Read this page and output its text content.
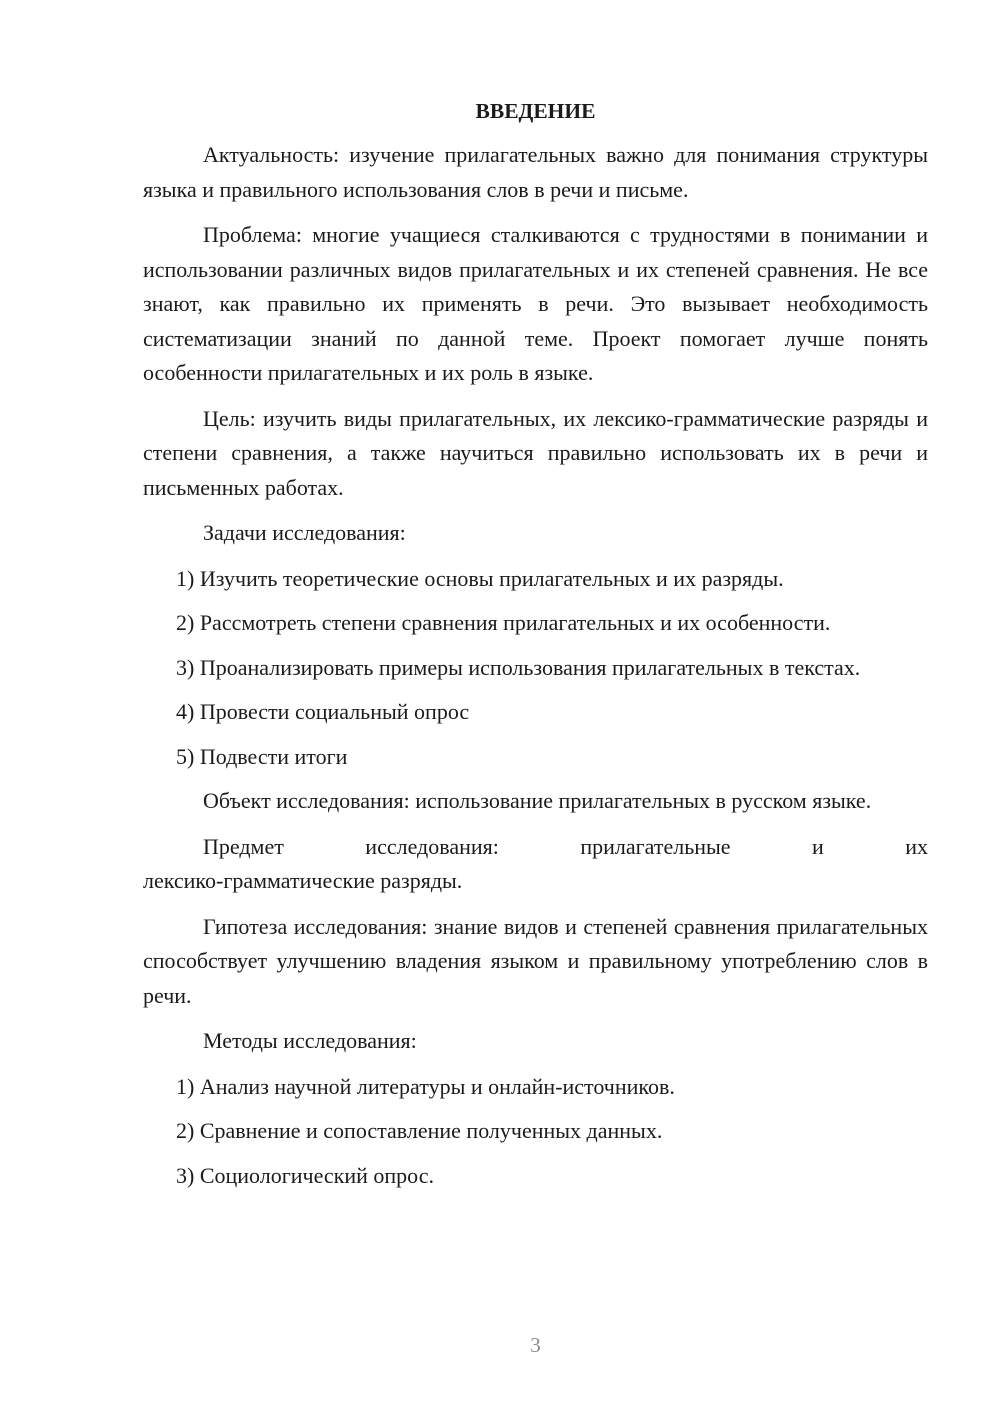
ВВЕДЕНИЕ
Актуальность: изучение прилагательных важно для понимания структуры языка и правильного использования слов в речи и письме.
Проблема: многие учащиеся сталкиваются с трудностями в понимании и использовании различных видов прилагательных и их степеней сравнения. Не все знают, как правильно их применять в речи. Это вызывает необходимость систематизации знаний по данной теме. Проект помогает лучше понять особенности прилагательных и их роль в языке.
Цель: изучить виды прилагательных, их лексико-грамматические разряды и степени сравнения, а также научиться правильно использовать их в речи и письменных работах.
Задачи исследования:
1) Изучить теоретические основы прилагательных и их разряды.
2) Рассмотреть степени сравнения прилагательных и их особенности.
3) Проанализировать примеры использования прилагательных в текстах.
4) Провести социальный опрос
5) Подвести итоги
Объект исследования: использование прилагательных в русском языке.
Предмет исследования: прилагательные и их
лексико-грамматические разряды.
Гипотеза исследования: знание видов и степеней сравнения прилагательных способствует улучшению владения языком и правильному употреблению слов в речи.
Методы исследования:
1) Анализ научной литературы и онлайн-источников.
2) Сравнение и сопоставление полученных данных.
3) Социологический опрос.
3
